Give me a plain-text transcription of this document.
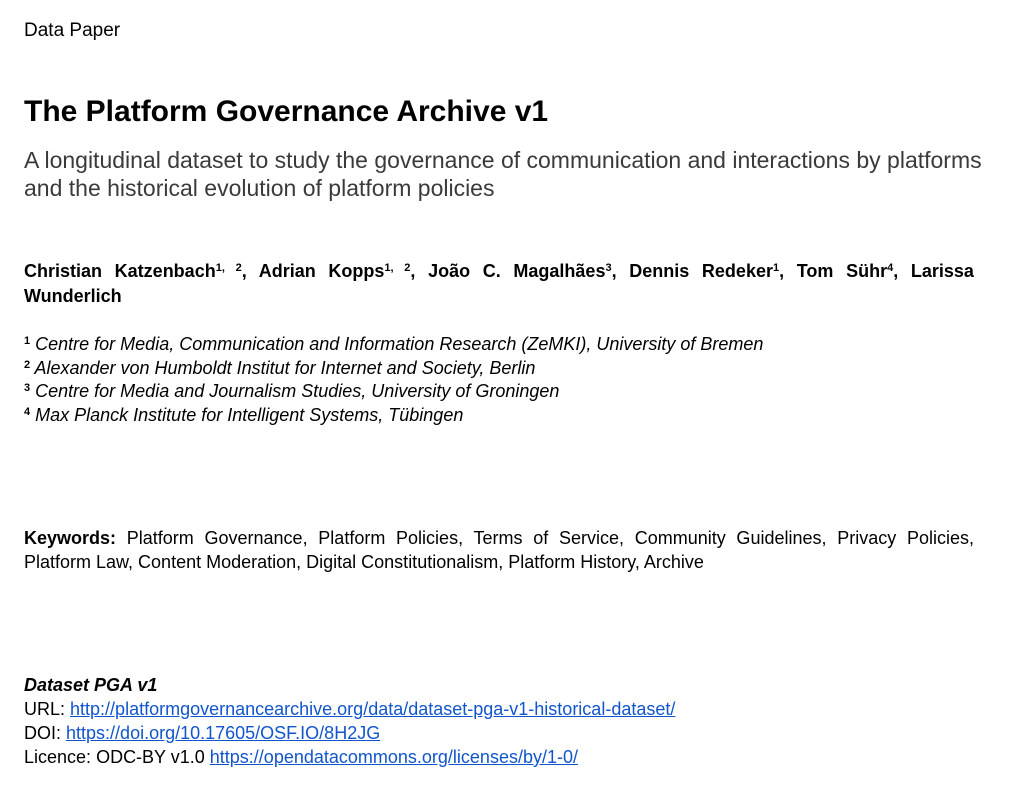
Data Paper
The Platform Governance Archive v1
A longitudinal dataset to study the governance of communication and interactions by platforms and the historical evolution of platform policies
Christian Katzenbach$^{1, 2}$, Adrian Kopps$^{1, 2}$, João C. Magalhães$^3$, Dennis Redeker$^1$, Tom Sühr$^4$, Larissa Wunderlich
$^1$ Centre for Media, Communication and Information Research (ZeMKI), University of Bremen
$^2$ Alexander von Humboldt Institut for Internet and Society, Berlin
$^3$ Centre for Media and Journalism Studies, University of Groningen
$^4$ Max Planck Institute for Intelligent Systems, Tübingen
Keywords: Platform Governance, Platform Policies, Terms of Service, Community Guidelines, Privacy Policies, Platform Law, Content Moderation, Digital Constitutionalism, Platform History, Archive
Dataset PGA v1
URL: http://platformgovernancearchive.org/data/dataset-pga-v1-historical-dataset/
DOI: https://doi.org/10.17605/OSF.IO/8H2JG
Licence: ODC-BY v1.0 https://opendatacommons.org/licenses/by/1-0/
